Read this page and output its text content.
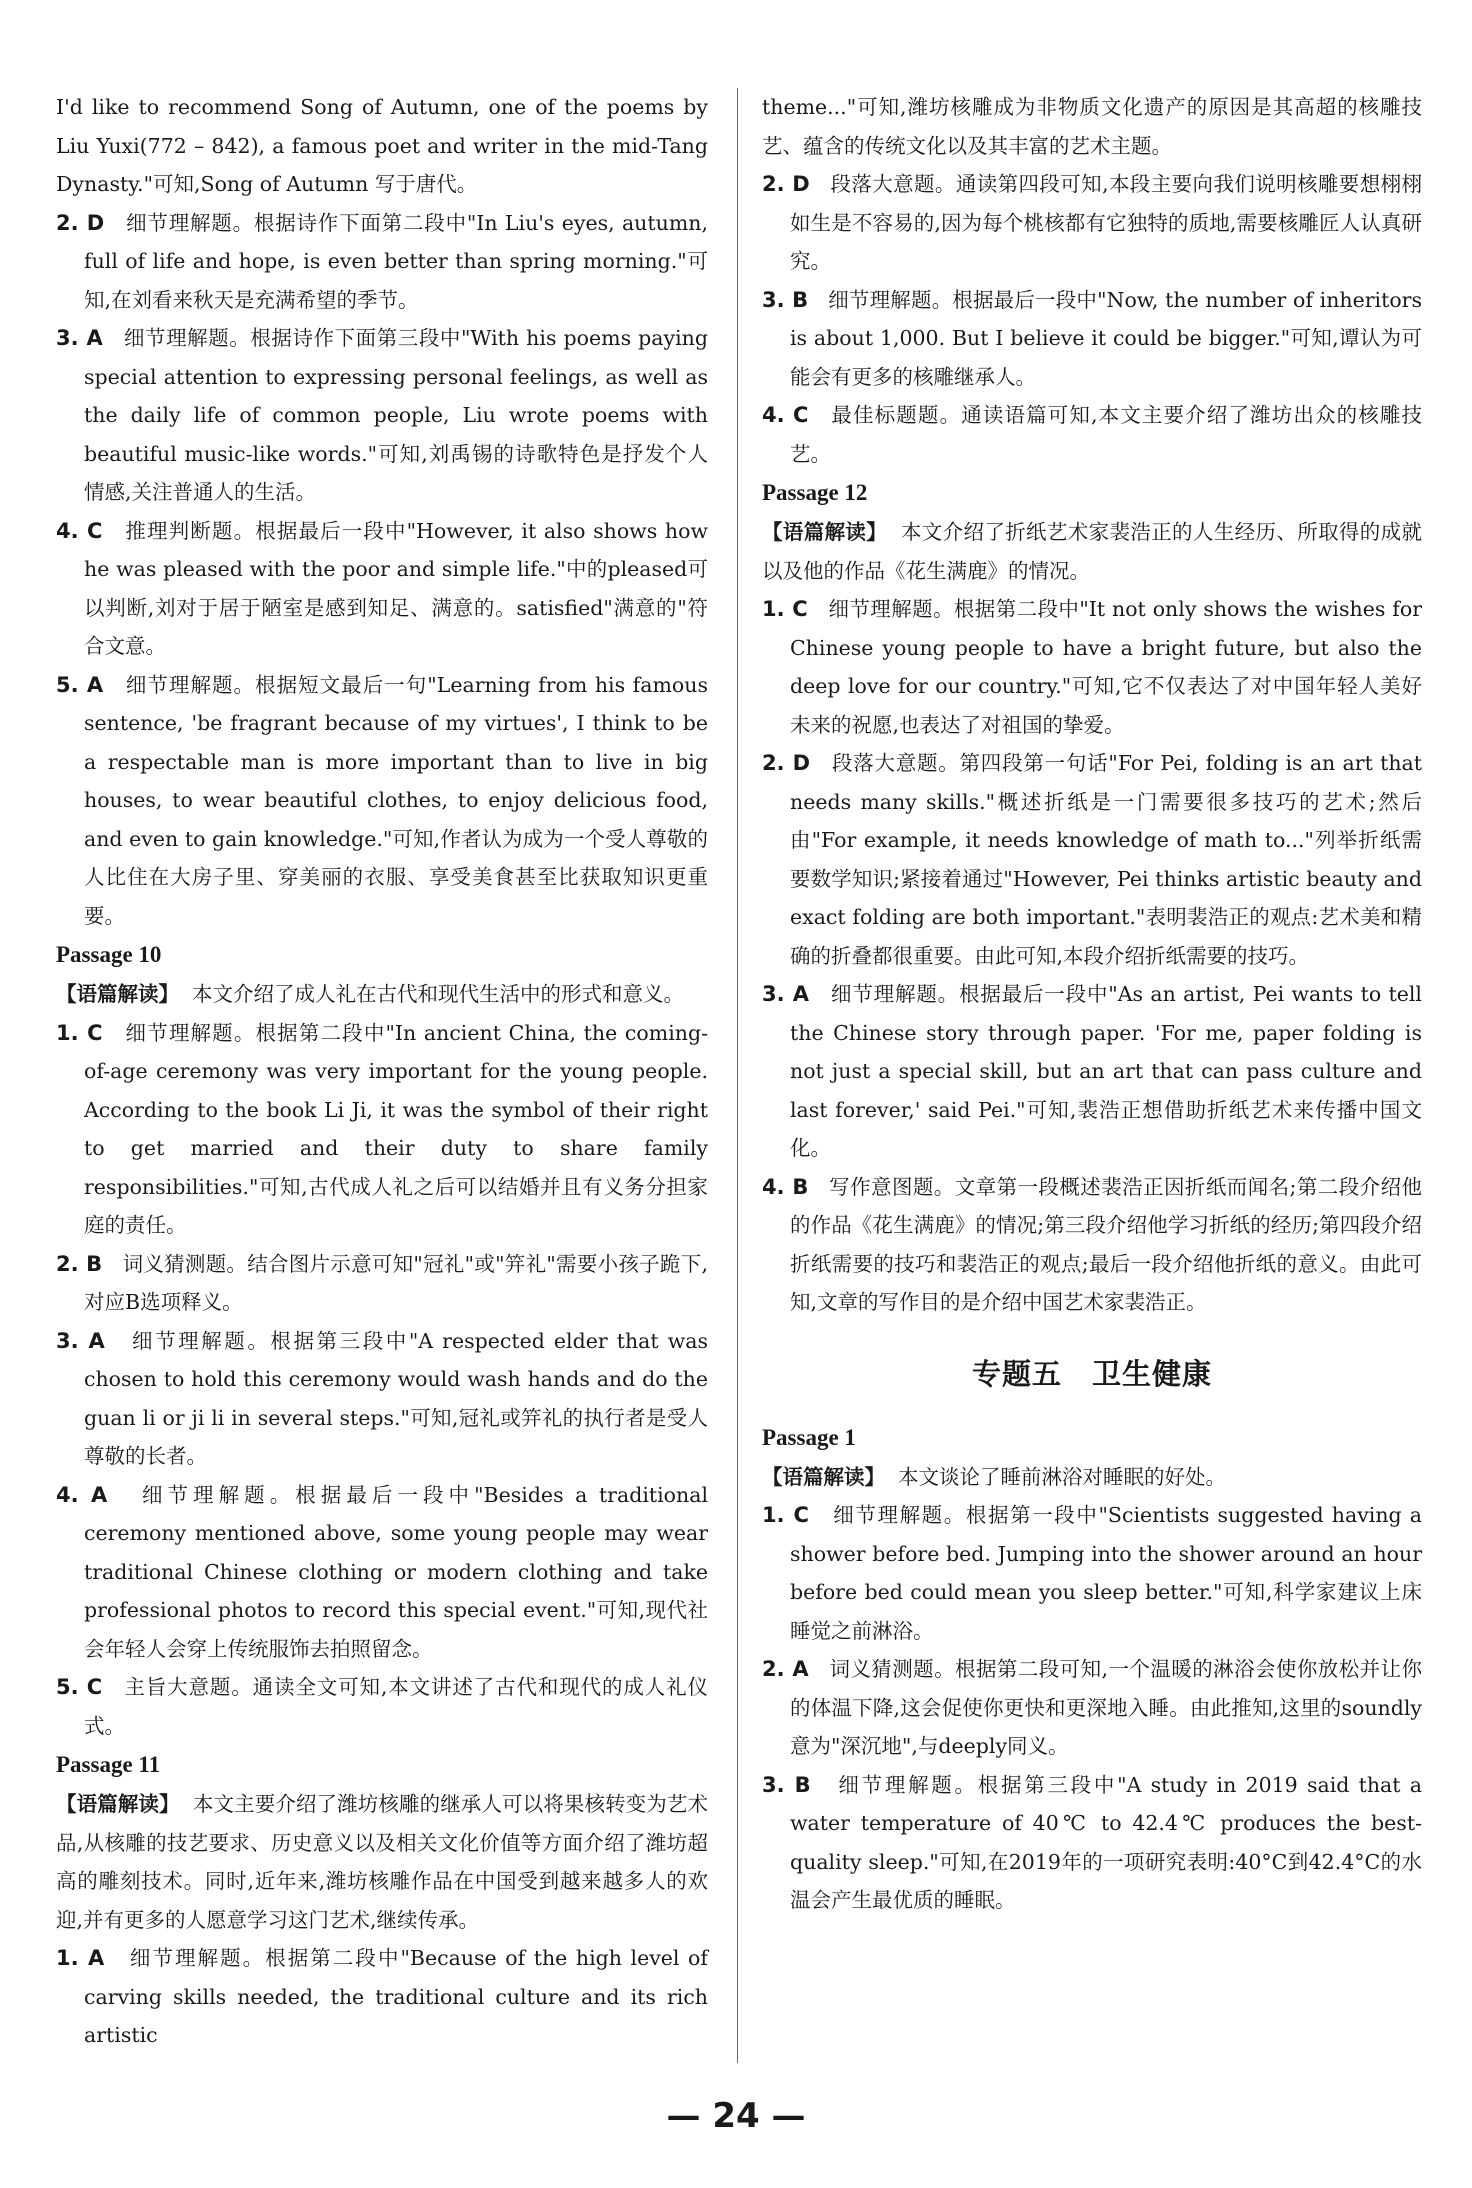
I'd like to recommend Song of Autumn, one of the poems by Liu Yuxi(772 – 842), a famous poet and writer in the mid-Tang Dynasty."可知,Song of Autumn 写于唐代。

2. D 细节理解题。根据诗作下面第二段中"In Liu's eyes, autumn, full of life and hope, is even better than spring morning."可知,在刘看来秋天是充满希望的季节。

3. A 细节理解题。根据诗作下面第三段中"With his poems paying special attention to expressing personal feelings, as well as the daily life of common people, Liu wrote poems with beautiful music-like words."可知,刘禹锡的诗歌特色是抒发个人情感,关注普通人的生活。

4. C 推理判断题。根据最后一段中"However, it also shows how he was pleased with the poor and simple life."中的pleased可以判断,刘对于居于陋室是感到知足、满意的。satisfied"满意的"符合文意。

5. A 细节理解题。根据短文最后一句"Learning from his famous sentence, 'be fragrant because of my virtues', I think to be a respectable man is more important than to live in big houses, to wear beautiful clothes, to enjoy delicious food, and even to gain knowledge."可知,作者认为成为一个受人尊敬的人比住在大房子里、穿美丽的衣服、享受美食甚至比获取知识更重要。

Passage 10

【语篇解读】 本文介绍了成人礼在古代和现代生活中的形式和意义。

1. C 细节理解题。根据第二段中"In ancient China, the coming-of-age ceremony was very important for the young people. According to the book Li Ji, it was the symbol of their right to get married and their duty to share family responsibilities."可知,古代成人礼之后可以结婚并且有义务分担家庭的责任。

2. B 词义猜测题。结合图片示意可知"冠礼"或"笄礼"需要小孩子跪下,对应B选项释义。

3. A 细节理解题。根据第三段中"A respected elder that was chosen to hold this ceremony would wash hands and do the guan li or ji li in several steps."可知,冠礼或笄礼的执行者是受人尊敬的长者。

4. A 细节理解题。根据最后一段中"Besides a traditional ceremony mentioned above, some young people may wear traditional Chinese clothing or modern clothing and take professional photos to record this special event."可知,现代社会年轻人会穿上传统服饰去拍照留念。

5. C 主旨大意题。通读全文可知,本文讲述了古代和现代的成人礼仪式。

Passage 11

【语篇解读】 本文主要介绍了潍坊核雕的继承人可以将果核转变为艺术品,从核雕的技艺要求、历史意义以及相关文化价值等方面介绍了潍坊超高的雕刻技术。同时,近年来,潍坊核雕作品在中国受到越来越多人的欢迎,并有更多的人愿意学习这门艺术,继续传承。

1. A 细节理解题。根据第二段中"Because of the high level of carving skills needed, the traditional culture and its rich artistic

theme..."可知,潍坊核雕成为非物质文化遗产的原因是其高超的核雕技艺、蕴含的传统文化以及其丰富的艺术主题。

2. D 段落大意题。通读第四段可知,本段主要向我们说明核雕要想栩栩如生是不容易的,因为每个桃核都有它独特的质地,需要核雕匠人认真研究。

3. B 细节理解题。根据最后一段中"Now, the number of inheritors is about 1,000. But I believe it could be bigger."可知,谭认为可能会有更多的核雕继承人。

4. C 最佳标题题。通读语篇可知,本文主要介绍了潍坊出众的核雕技艺。

Passage 12

【语篇解读】 本文介绍了折纸艺术家裴浩正的人生经历、所取得的成就以及他的作品《花生满鹿》的情况。

1. C 细节理解题。根据第二段中"It not only shows the wishes for Chinese young people to have a bright future, but also the deep love for our country."可知,它不仅表达了对中国年轻人美好未来的祝愿,也表达了对祖国的挚爱。

2. D 段落大意题。第四段第一句话"For Pei, folding is an art that needs many skills."概述折纸是一门需要很多技巧的艺术;然后由"For example, it needs knowledge of math to..."列举折纸需要数学知识;紧接着通过"However, Pei thinks artistic beauty and exact folding are both important."表明裴浩正的观点:艺术美和精确的折叠都很重要。由此可知,本段介绍折纸需要的技巧。

3. A 细节理解题。根据最后一段中"As an artist, Pei wants to tell the Chinese story through paper. 'For me, paper folding is not just a special skill, but an art that can pass culture and last forever,' said Pei."可知,裴浩正想借助折纸艺术来传播中国文化。

4. B 写作意图题。文章第一段概述裴浩正因折纸而闻名;第二段介绍他的作品《花生满鹿》的情况;第三段介绍他学习折纸的经历;第四段介绍折纸需要的技巧和裴浩正的观点;最后一段介绍他折纸的意义。由此可知,文章的写作目的是介绍中国艺术家裴浩正。

专题五　卫生健康

Passage 1

【语篇解读】 本文谈论了睡前淋浴对睡眠的好处。

1. C 细节理解题。根据第一段中"Scientists suggested having a shower before bed. Jumping into the shower around an hour before bed could mean you sleep better."可知,科学家建议上床睡觉之前淋浴。

2. A 词义猜测题。根据第二段可知,一个温暖的淋浴会使你放松并让你的体温下降,这会促使你更快和更深地入睡。由此推知,这里的soundly意为"深沉地",与deeply同义。

3. B 细节理解题。根据第三段中"A study in 2019 said that a water temperature of 40℃ to 42.4℃ produces the best-quality sleep."可知,在2019年的一项研究表明:40°C到42.4°C的水温会产生最优质的睡眠。

— 24 —
